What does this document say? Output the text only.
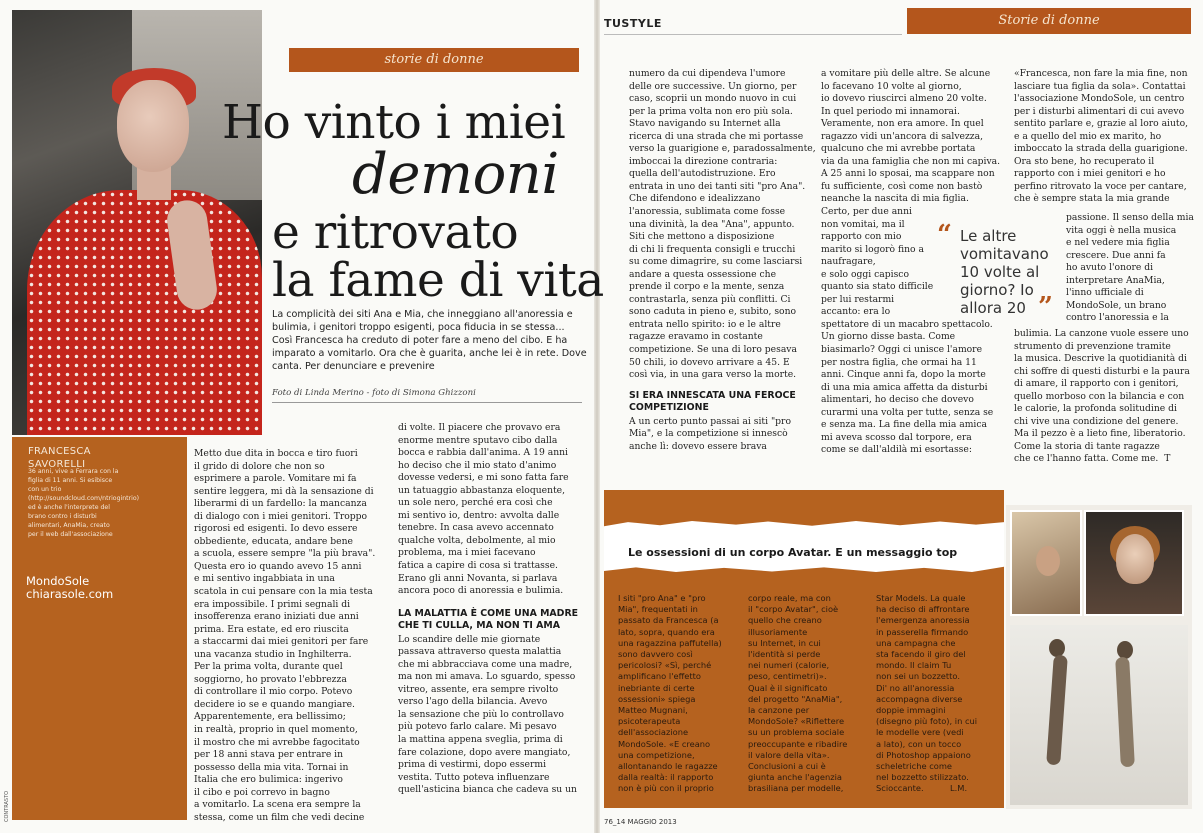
FRANCESCA
SAVORELLI
36 anni, vive a Ferrara con la figlia di 11 anni. Si esibisce con un trio (http://soundcloud.com/ntriogintrio) ed è anche l'interprete del brano contro i disturbi alimentari, AnaMia, creato per il web dall'associazione
MondoSole
chiarasole.com
CONTRASTO
storie di donne
Storie di donne
Ho vinto i miei
demoni
e ritrovato
la fame di vita
La complicità dei siti Ana e Mia, che inneggiano all'anoressia e bulimia, i genitori troppo esigenti, poca fiducia in se stessa... Così Francesca ha creduto di poter fare a meno del cibo. E ha imparato a vomitarlo. Ora che è guarita, anche lei è in rete. Dove canta. Per denunciare e prevenire
Foto di Linda Merino - foto di Simona Ghizzoni
Metto due dita in bocca e tiro fuori
il grido di dolore che non so
esprimere a parole. Vomitare mi fa
sentire leggera, mi dà la sensazione di
liberarmi di un fardello: la mancanza
di dialogo con i miei genitori. Troppo
rigorosi ed esigenti. Io devo essere
obbediente, educata, andare bene
a scuola, essere sempre "la più brava".
Questa ero io quando avevo 15 anni
e mi sentivo ingabbiata in una
scatola in cui pensare con la mia testa
era impossibile. I primi segnali di
insofferenza erano iniziati due anni
prima. Era estate, ed ero riuscita
a staccarmi dai miei genitori per fare
una vacanza studio in Inghilterra.
Per la prima volta, durante quel
soggiorno, ho provato l'ebbrezza
di controllare il mio corpo. Potevo
decidere io se e quando mangiare.
Apparentemente, era bellissimo;
in realtà, proprio in quel momento,
il mostro che mi avrebbe fagocitato
per 18 anni stava per entrare in
possesso della mia vita. Tornai in
Italia che ero bulimica: ingerivo
il cibo e poi correvo in bagno
a vomitarlo. La scena era sempre la
stessa, come un film che vedi decine
di volte. Il piacere che provavo era
enorme mentre sputavo cibo dalla
bocca e rabbia dall'anima. A 19 anni
ho deciso che il mio stato d'animo
dovesse vedersi, e mi sono fatta fare
un tatuaggio abbastanza eloquente,
un sole nero, perché era così che
mi sentivo io, dentro: avvolta dalle
tenebre. In casa avevo accennato
qualche volta, debolmente, al mio
problema, ma i miei facevano
fatica a capire di cosa si trattasse.
Erano gli anni Novanta, si parlava
ancora poco di anoressia e bulimia.
LA MALATTIA È COME UNA MADRE
CHE TI CULLA, MA NON TI AMA
Lo scandire delle mie giornate
passava attraverso questa malattia
che mi abbracciava come una madre,
ma non mi amava. Lo sguardo, spesso
vitreo, assente, era sempre rivolto
verso l'ago della bilancia. Avevo
la sensazione che più lo controllavo
più potevo farlo calare. Mi pesavo
la mattina appena sveglia, prima di
fare colazione, dopo avere mangiato,
prima di vestirmi, dopo essermi
vestita. Tutto poteva influenzare
quell'asticina bianca che cadeva su un
TUSTYLE
numero da cui dipendeva l'umore
delle ore successive. Un giorno, per
caso, scoprii un mondo nuovo in cui
per la prima volta non ero più sola.
Stavo navigando su Internet alla
ricerca di una strada che mi portasse
verso la guarigione e, paradossalmente,
imboccai la direzione contraria:
quella dell'autodistruzione. Ero
entrata in uno dei tanti siti "pro Ana".
Che difendono e idealizzano
l'anoressia, sublimata come fosse
una divinità, la dea "Ana", appunto.
Siti che mettono a disposizione
di chi li frequenta consigli e trucchi
su come dimagrire, su come lasciarsi
andare a questa ossessione che
prende il corpo e la mente, senza
contrastarla, senza più conflitti. Ci
sono caduta in pieno e, subito, sono
entrata nello spirito: io e le altre
ragazze eravamo in costante
competizione. Se una di loro pesava
50 chili, io dovevo arrivare a 45. E
così via, in una gara verso la morte.
SI ERA INNESCATA UNA FEROCE
COMPETIZIONE
A un certo punto passai ai siti "pro
Mia", e la competizione si innescò
anche lì: dovevo essere brava
a vomitare più delle altre. Se alcune
lo facevano 10 volte al giorno,
io dovevo riuscirci almeno 20 volte.
In quel periodo mi innamorai.
Veramente, non era amore. In quel
ragazzo vidi un'ancora di salvezza,
qualcuno che mi avrebbe portata
via da una famiglia che non mi capiva.
A 25 anni lo sposai, ma scappare non
fu sufficiente, così come non bastò
neanche la nascita di mia figlia.
Certo, per due anni
non vomitai, ma il
rapporto con mio
marito si logorò fino a
naufragare,
e solo oggi capisco
quanto sia stato difficile
per lui restarmi
accanto: era lo
spettatore di un macabro spettacolo.
Un giorno disse basta. Come
biasimarlo? Oggi ci unisce l'amore
per nostra figlia, che ormai ha 11
anni. Cinque anni fa, dopo la morte
di una mia amica affetta da disturbi
alimentari, ho deciso che dovevo
curarmi una volta per tutte, senza se
e senza ma. La fine della mia amica
mi aveva scosso dal torpore, era
come se dall'aldilà mi esortasse:
«Francesca, non fare la mia fine, non
lasciare tua figlia da sola». Contattai
l'associazione MondoSole, un centro
per i disturbi alimentari di cui avevo
sentito parlare e, grazie al loro aiuto,
e a quello del mio ex marito, ho
imboccato la strada della guarigione.
Ora sto bene, ho recuperato il
rapporto con i miei genitori e ho
perfino ritrovato la voce per cantare,
che è sempre stata la mia grande
passione. Il senso della mia
vita oggi è nella musica
e nel vedere mia figlia
crescere. Due anni fa
ho avuto l'onore di
interpretare AnaMia,
l'inno ufficiale di
MondoSole, un brano
contro l'anoressia e la
bulimia. La canzone vuole essere uno
strumento di prevenzione tramite
la musica. Descrive la quotidianità di
chi soffre di questi disturbi e la paura
di amare, il rapporto con i genitori,
quello morboso con la bilancia e con
le calorie, la profonda solitudine di
chi vive una condizione del genere.
Ma il pezzo è a lieto fine, liberatorio.
Come la storia di tante ragazze
che ce l'hanno fatta. Come me.  T
“ Le altre vomitavano 10 volte al giorno? Io allora 20 ”
Le ossessioni di un corpo Avatar. E un messaggio top
I siti "pro Ana" e "pro
Mia", frequentati in
passato da Francesca (a
lato, sopra, quando era
una ragazzina paffutella)
sono davvero così
pericolosi? «Sì, perché
amplificano l'effetto
inebriante di certe
ossessioni» spiega
Matteo Mugnani,
psicoterapeuta
dell'associazione
MondoSole. «E creano
una competizione,
allontanando le ragazze
dalla realtà: il rapporto
non è più con il proprio
corpo reale, ma con
il "corpo Avatar", cioè
quello che creano
illusoriamente
su Internet, in cui
l'identità si perde
nei numeri (calorie,
peso, centimetri)».
Qual è il significato
del progetto "AnaMia",
la canzone per
MondoSole? «Riflettere
su un problema sociale
preoccupante e ribadire
il valore della vita».
Conclusioni a cui è
giunta anche l'agenzia
brasiliana per modelle,
Star Models. La quale
ha deciso di affrontare
l'emergenza anoressia
in passerella firmando
una campagna che
sta facendo il giro del
mondo. Il claim Tu
non sei un bozzetto.
Di' no all'anoressia
accompagna diverse
doppie immagini
(disegno più foto), in cui
le modelle vere (vedi
a lato), con un tocco
di Photoshop appaiono
scheletriche come
nel bozzetto stilizzato.
Scioccante.          L.M.
76_14 MAGGIO 2013
